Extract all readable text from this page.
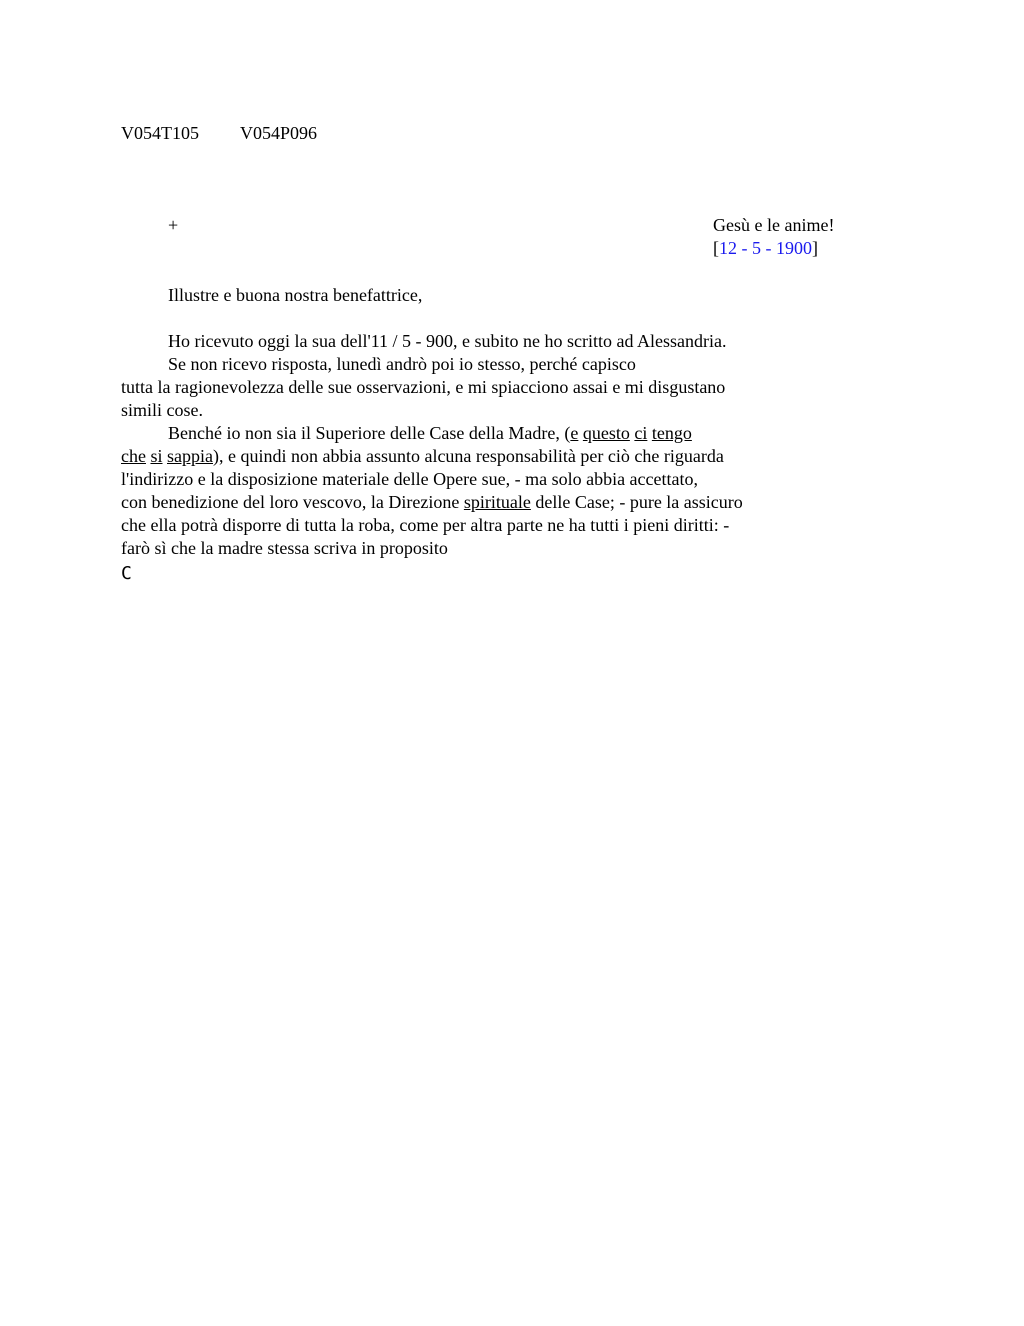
V054T105 V054P096
+	Gesù e le anime!
[12 - 5 - 1900]
Illustre e buona nostra benefattrice,
Ho ricevuto oggi la sua dell'11 / 5 - 900, e subito ne ho scritto ad Alessandria.
Se non ricevo risposta, lunedì andrò poi io stesso, perché capisco
tutta la ragionevolezza delle sue osservazioni, e mi spiacciono assai e mi disgustano
simili cose.
Benché io non sia il Superiore delle Case della Madre, (e questo ci tengo
che si sappia), e quindi non abbia assunto alcuna responsabilità per ciò che riguarda
l'indirizzo e la disposizione materiale delle Opere sue, - ma solo abbia accettato,
con benedizione del loro vescovo, la Direzione spirituale delle Case; - pure la assicuro
che ella potrà disporre di tutta la roba, come per altra parte ne ha tutti i pieni diritti: -
farò sì che la madre stessa scriva in proposito
C
